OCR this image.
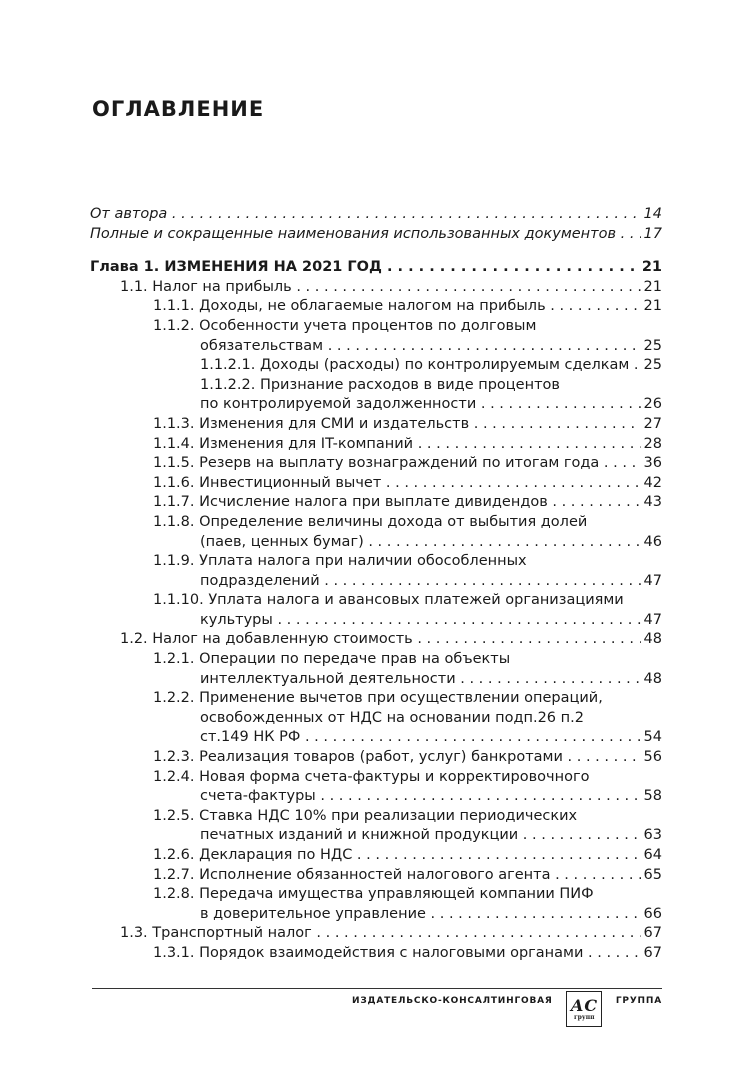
ОГЛАВЛЕНИЕ
От автора . . .	14
Полные и сокращенные наименования использованных документов . . .	17
Глава 1. ИЗМЕНЕНИЯ НА 2021 ГОД . . .	21
1.1. Налог на прибыль . . .	21
1.1.1. Доходы, не облагаемые налогом на прибыль . . .	21
1.1.2. Особенности учета процентов по долговым
обязательствам . . .	25
1.1.2.1. Доходы (расходы) по контролируемым сделкам . . . 25
1.1.2.2. Признание расходов в виде процентов
по контролируемой задолженности . . .	26
1.1.3. Изменения для СМИ и издательств . . .	27
1.1.4. Изменения для IT-компаний . . .	28
1.1.5. Резерв на выплату вознаграждений по итогам года . . .	36
1.1.6. Инвестиционный вычет . . .	42
1.1.7. Исчисление налога при выплате дивидендов . . .	43
1.1.8. Определение величины дохода от выбытия долей
(паев, ценных бумаг) . . .	46
1.1.9. Уплата налога при наличии обособленных
подразделений . . .	47
1.1.10. Уплата налога и авансовых платежей организациями
культуры . . .	47
1.2. Налог на добавленную стоимость . . .	48
1.2.1. Операции по передаче прав на объекты
интеллектуальной деятельности . . .	48
1.2.2. Применение вычетов при осуществлении операций,
освобожденных от НДС на основании подп.26 п.2
ст.149 НК РФ . . .	54
1.2.3. Реализация товаров (работ, услуг) банкротами . . .	56
1.2.4. Новая форма счета-фактуры и корректировочного
счета-фактуры . . .	58
1.2.5. Ставка НДС 10% при реализации периодических
печатных изданий и книжной продукции . . .	63
1.2.6. Декларация по НДС . . .	64
1.2.7. Исполнение обязанностей налогового агента . . .	65
1.2.8. Передача имущества управляющей компании ПИФ
в доверительное управление . . .	66
1.3. Транспортный налог . . .	67
1.3.1. Порядок взаимодействия с налоговыми органами . . .	67
ИЗДАТЕЛЬСКО-КОНСАЛТИНГОВАЯ АС
групп
ГРУППА
